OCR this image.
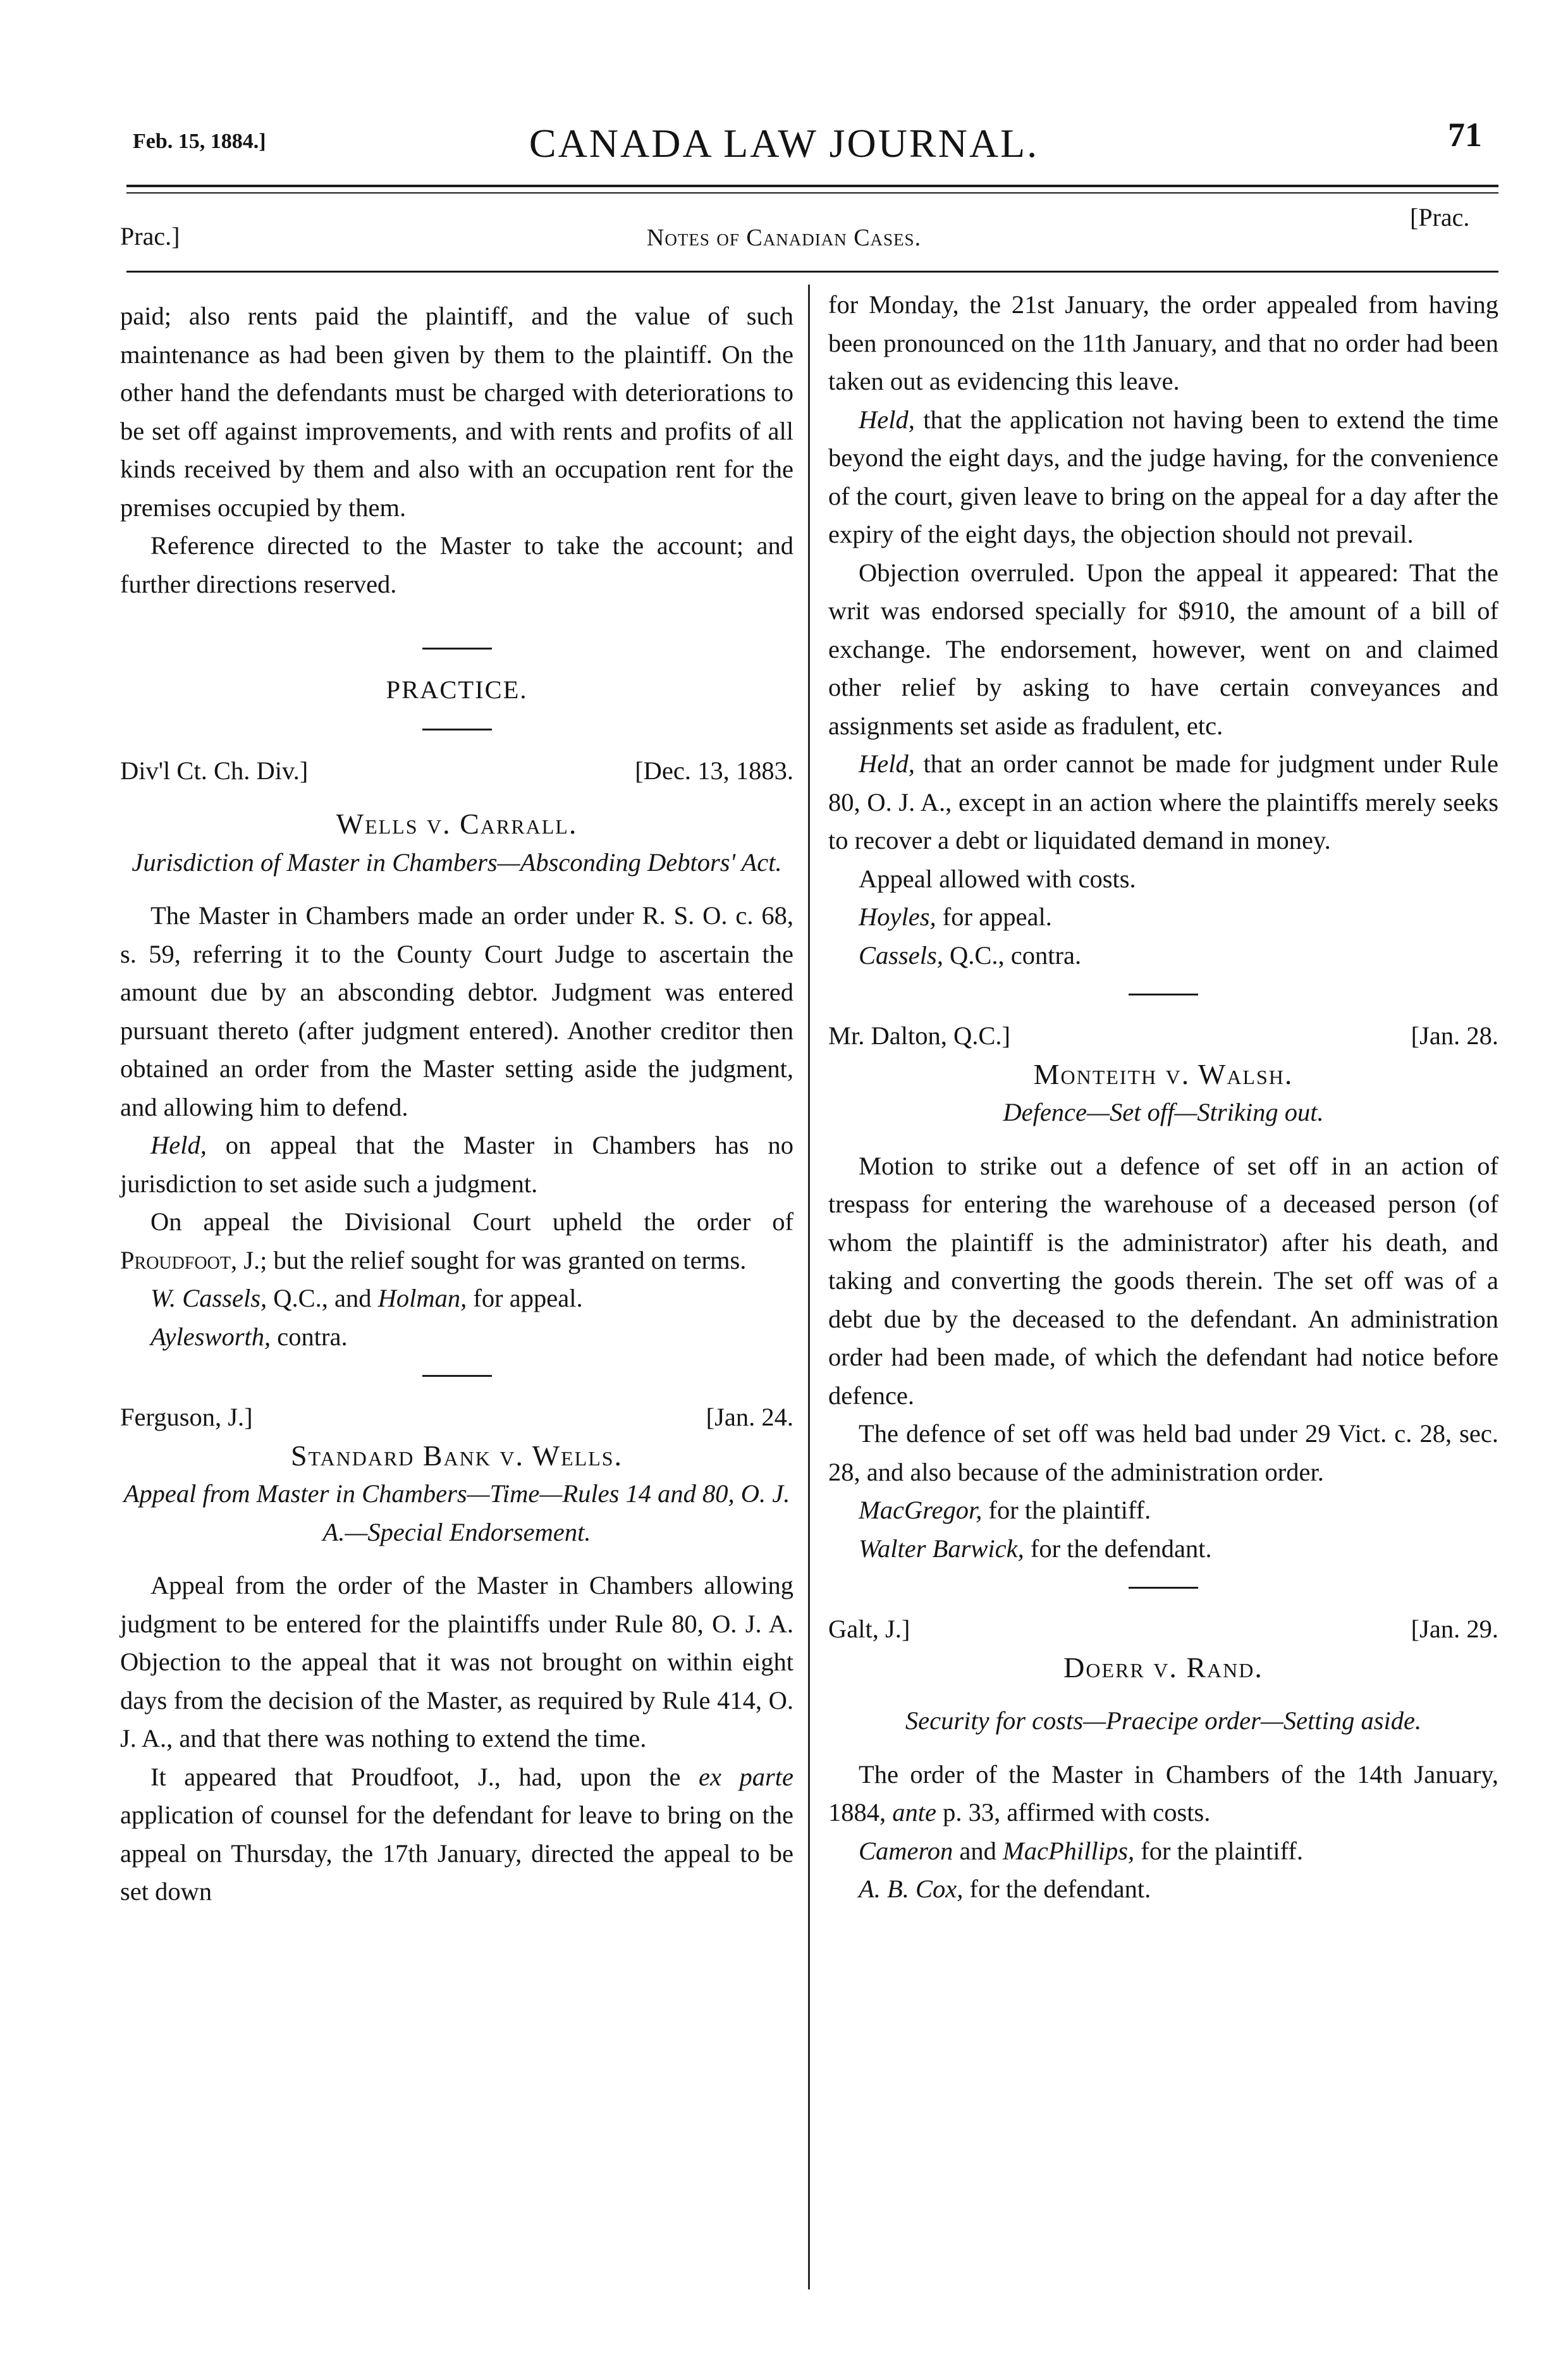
Feb. 15, 1884.]	CANADA LAW JOURNAL.	71
Prac.]	Notes of Canadian Cases.
[Prac.

paid; also rents paid the plaintiff, and the value of such maintenance as had been given by them to the plaintiff. On the other hand the defendants must be charged with deteriorations to be set off against improvements, and with rents and profits of all kinds received by them and also with an occupation rent for the premises occupied by them.

Reference directed to the Master to take the account; and further directions reserved.

PRACTICE.

Div'l Ct. Ch. Div.]	[Dec. 13, 1883.

Wells v. Carrall.

Jurisdiction of Master in Chambers—Absconding Debtors' Act.

The Master in Chambers made an order under R. S. O. c. 68, s. 59, referring it to the County Court Judge to ascertain the amount due by an absconding debtor. Judgment was entered pursuant thereto (after judgment entered). Another creditor then obtained an order from the Master setting aside the judgment, and allowing him to defend.

Held, on appeal that the Master in Chambers has no jurisdiction to set aside such a judgment.

On appeal the Divisional Court upheld the order of Proudfoot, J.; but the relief sought for was granted on terms.

W. Cassels, Q.C., and Holman, for appeal.

Aylesworth, contra.

Ferguson, J.]	[Jan. 24.

Standard Bank v. Wells.

Appeal from Master in Chambers—Time—Rules 14 and 80, O. J. A.—Special Endorsement.

Appeal from the order of the Master in Chambers allowing judgment to be entered for the plaintiffs under Rule 80, O. J. A. Objection to the appeal that it was not brought on within eight days from the decision of the Master, as required by Rule 414, O. J. A., and that there was nothing to extend the time.

It appeared that Proudfoot, J., had, upon the ex parte application of counsel for the defendant for leave to bring on the appeal on Thursday, the 17th January, directed the appeal to be set down

for Monday, the 21st January, the order appealed from having been pronounced on the 11th January, and that no order had been taken out as evidencing this leave.

Held, that the application not having been to extend the time beyond the eight days, and the judge having, for the convenience of the court, given leave to bring on the appeal for a day after the expiry of the eight days, the objection should not prevail.

Objection overruled. Upon the appeal it appeared: That the writ was endorsed specially for $910, the amount of a bill of exchange. The endorsement, however, went on and claimed other relief by asking to have certain conveyances and assignments set aside as fradulent, etc.

Held, that an order cannot be made for judgment under Rule 80, O. J. A., except in an action where the plaintiffs merely seeks to recover a debt or liquidated demand in money.

Appeal allowed with costs.

Hoyles, for appeal.

Cassels, Q.C., contra.

Mr. Dalton, Q.C.]	[Jan. 28.

Monteith v. Walsh.

Defence—Set off—Striking out.

Motion to strike out a defence of set off in an action of trespass for entering the warehouse of a deceased person (of whom the plaintiff is the administrator) after his death, and taking and converting the goods therein. The set off was of a debt due by the deceased to the defendant. An administration order had been made, of which the defendant had notice before defence.

The defence of set off was held bad under 29 Vict. c. 28, sec. 28, and also because of the administration order.

MacGregor, for the plaintiff.

Walter Barwick, for the defendant.

Galt, J.]	[Jan. 29.

Doerr v. Rand.

Security for costs—Praecipe order—Setting aside.

The order of the Master in Chambers of the 14th January, 1884, ante p. 33, affirmed with costs.

Cameron and MacPhillips, for the plaintiff.

A. B. Cox, for the defendant.
